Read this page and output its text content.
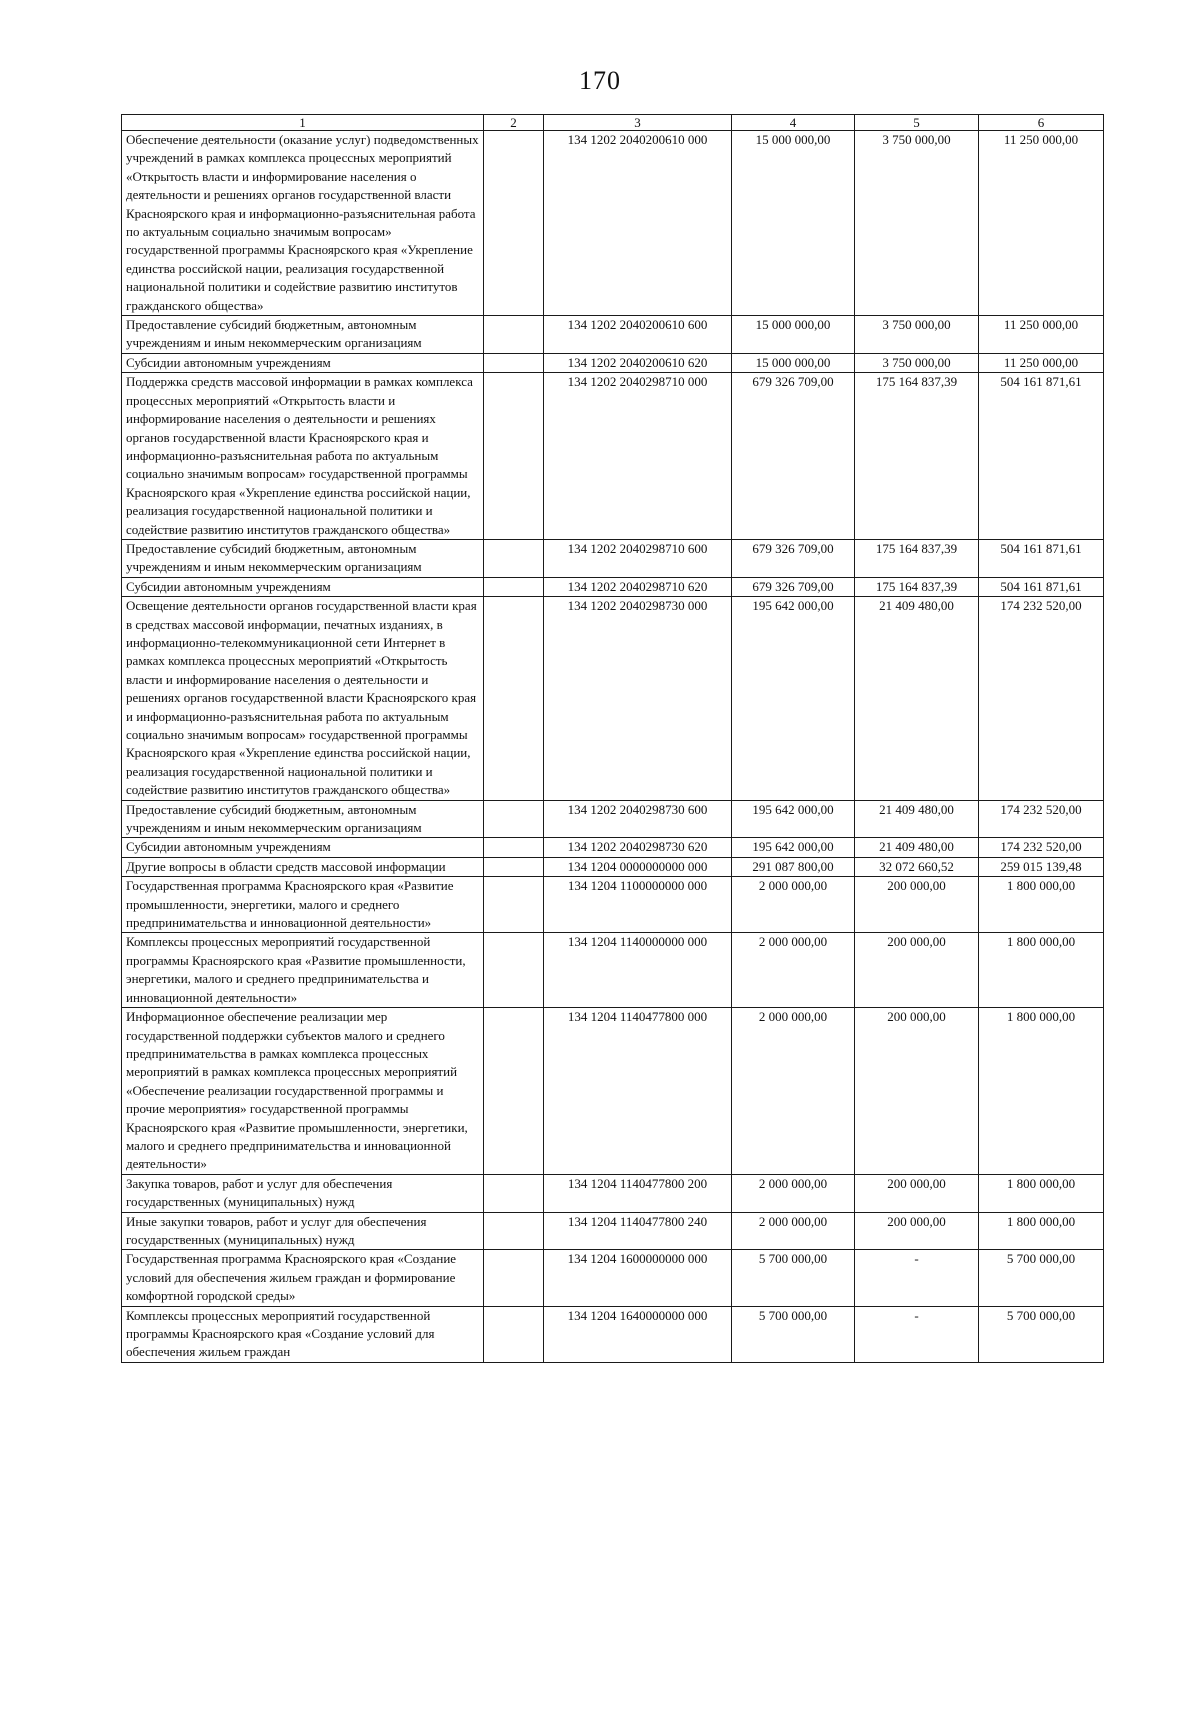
170
1	2	3	4	5	6
Обеспечение деятельности (оказание услуг) подведомственных учреждений в рамках комплекса процессных мероприятий «Открытость власти и информирование населения о деятельности и решениях органов государственной власти Красноярского края и информационно-разъяснительная работа по актуальным социально значимым вопросам» государственной программы Красноярского края «Укрепление единства российской нации, реализация государственной национальной политики и содействие развитию институтов гражданского общества»		134 1202 2040200610 000	15 000 000,00	3 750 000,00	11 250 000,00
Предоставление субсидий бюджетным, автономным учреждениям и иным некоммерческим организациям		134 1202 2040200610 600	15 000 000,00	3 750 000,00	11 250 000,00
Субсидии автономным учреждениям		134 1202 2040200610 620	15 000 000,00	3 750 000,00	11 250 000,00
Поддержка средств массовой информации в рамках комплекса процессных мероприятий «Открытость власти и информирование населения о деятельности и решениях органов государственной власти Красноярского края и информационно-разъяснительная работа по актуальным социально значимым вопросам» государственной программы Красноярского края «Укрепление единства российской нации, реализация государственной национальной политики и содействие развитию институтов гражданского общества»		134 1202 2040298710 000	679 326 709,00	175 164 837,39	504 161 871,61
Предоставление субсидий бюджетным, автономным учреждениям и иным некоммерческим организациям		134 1202 2040298710 600	679 326 709,00	175 164 837,39	504 161 871,61
Субсидии автономным учреждениям		134 1202 2040298710 620	679 326 709,00	175 164 837,39	504 161 871,61
Освещение деятельности органов государственной власти края в средствах массовой информации, печатных изданиях, в информационно-телекоммуникационной сети Интернет в рамках комплекса процессных мероприятий «Открытость власти и информирование населения о деятельности и решениях органов государственной власти Красноярского края и информационно-разъяснительная работа по актуальным социально значимым вопросам» государственной программы Красноярского края «Укрепление единства российской нации, реализация государственной национальной политики и содействие развитию институтов гражданского общества»		134 1202 2040298730 000	195 642 000,00	21 409 480,00	174 232 520,00
Предоставление субсидий бюджетным, автономным учреждениям и иным некоммерческим организациям		134 1202 2040298730 600	195 642 000,00	21 409 480,00	174 232 520,00
Субсидии автономным учреждениям		134 1202 2040298730 620	195 642 000,00	21 409 480,00	174 232 520,00
Другие вопросы в области средств массовой информации		134 1204 0000000000 000	291 087 800,00	32 072 660,52	259 015 139,48
Государственная программа Красноярского края «Развитие промышленности, энергетики, малого и среднего предпринимательства и инновационной деятельности»		134 1204 1100000000 000	2 000 000,00	200 000,00	1 800 000,00
Комплексы процессных мероприятий государственной программы Красноярского края «Развитие промышленности, энергетики, малого и среднего предпринимательства и инновационной деятельности»		134 1204 1140000000 000	2 000 000,00	200 000,00	1 800 000,00
Информационное обеспечение реализации мер государственной поддержки субъектов малого и среднего предпринимательства в рамках комплекса процессных мероприятий в рамках комплекса процессных мероприятий «Обеспечение реализации государственной программы и прочие мероприятия» государственной программы Красноярского края «Развитие промышленности, энергетики, малого и среднего предпринимательства и инновационной деятельности»		134 1204 1140477800 000	2 000 000,00	200 000,00	1 800 000,00
Закупка товаров, работ и услуг для обеспечения государственных (муниципальных) нужд		134 1204 1140477800 200	2 000 000,00	200 000,00	1 800 000,00
Иные закупки товаров, работ и услуг для обеспечения государственных (муниципальных) нужд		134 1204 1140477800 240	2 000 000,00	200 000,00	1 800 000,00
Государственная программа Красноярского края «Создание условий для обеспечения жильем граждан и формирование комфортной городской среды»		134 1204 1600000000 000	5 700 000,00	-	5 700 000,00
Комплексы процессных мероприятий государственной программы Красноярского края «Создание условий для обеспечения жильем граждан		134 1204 1640000000 000	5 700 000,00	-	5 700 000,00
